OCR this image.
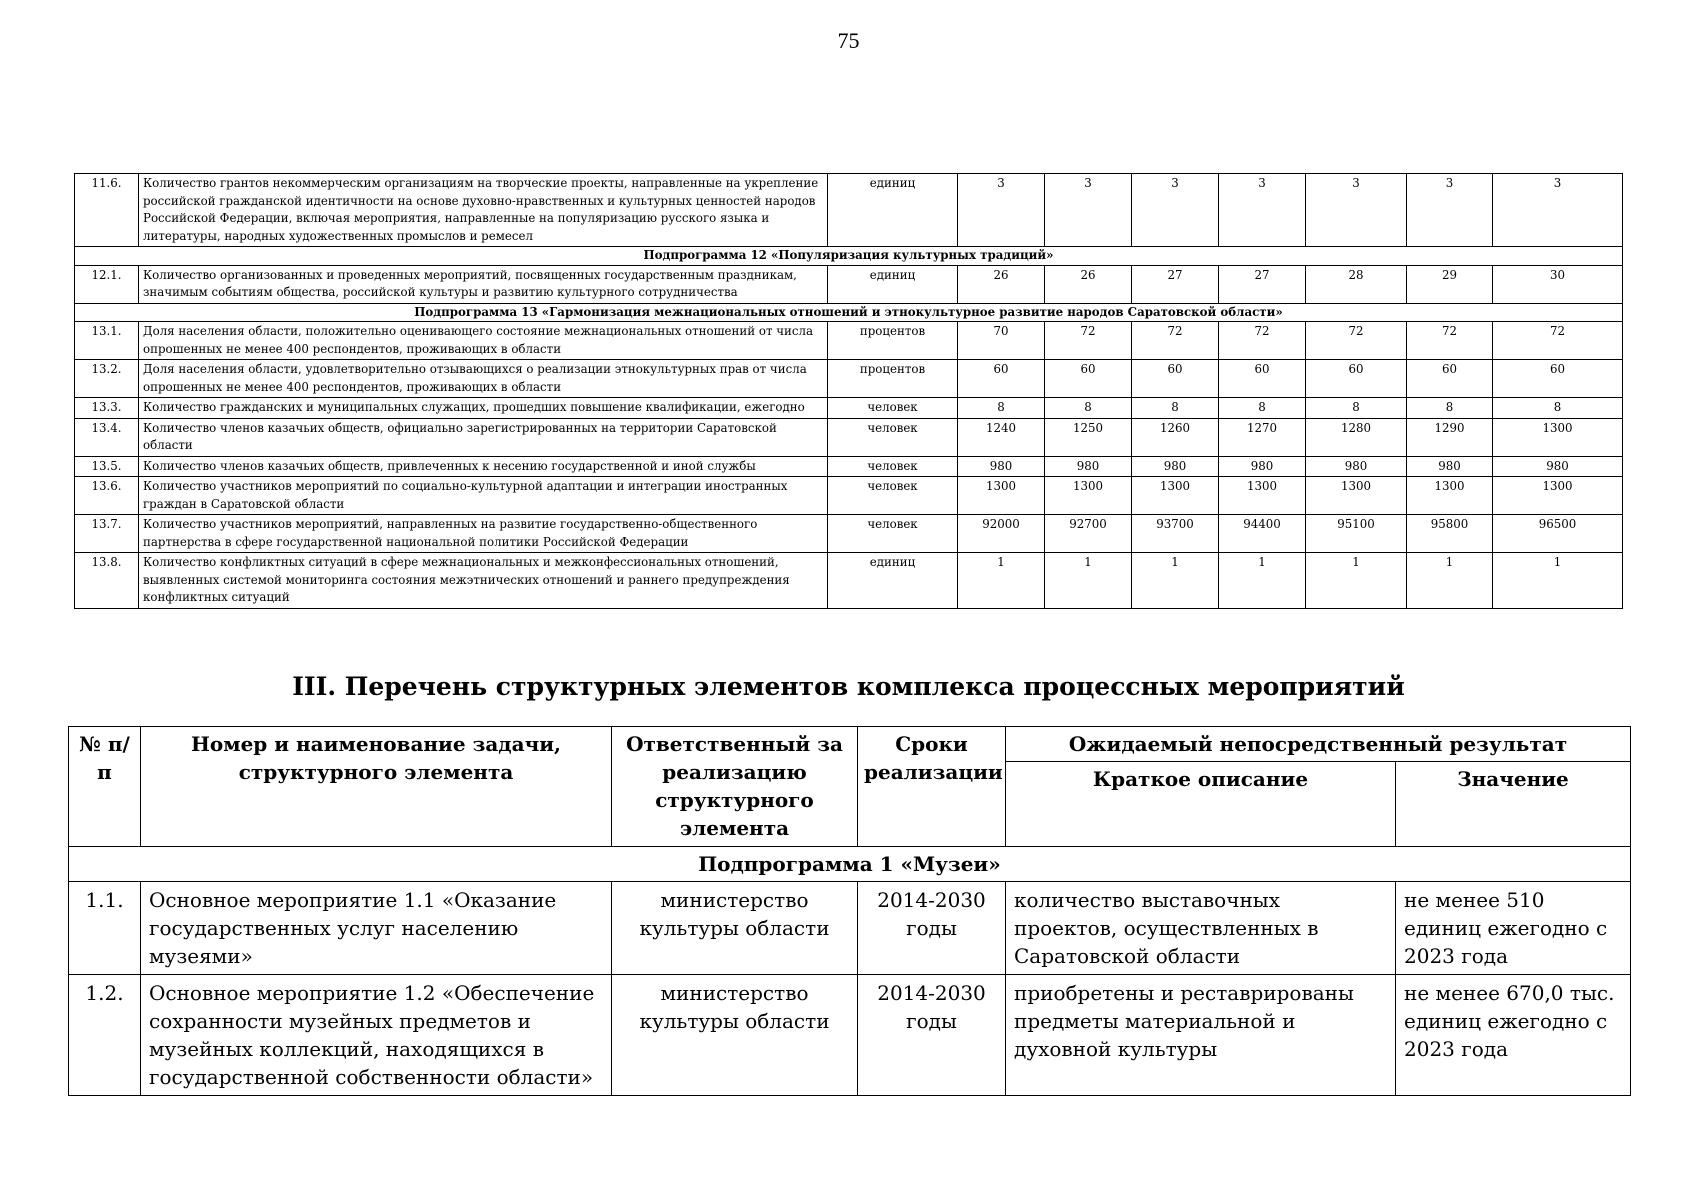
75
11.6.	Количество грантов некоммерческим организациям на творческие проекты, направленные на укрепление российской гражданской идентичности на основе духовно-нравственных и культурных ценностей народов Российской Федерации, включая мероприятия, направленные на популяризацию русского языка и литературы, народных художественных промыслов и ремесел	единиц	3	3	3	3	3	3	3
Подпрограмма 12 «Популяризация культурных традиций»									
12.1.	Количество организованных и проведенных мероприятий, посвященных государственным праздникам, значимым событиям общества, российской культуры и развитию культурного сотрудничества	единиц	26	26	27	27	28	29	30
Подпрограмма 13 «Гармонизация межнациональных отношений и этнокультурное развитие народов Саратовской области»									
13.1.	Доля населения области, положительно оценивающего состояние межнациональных отношений от числа опрошенных не менее 400 респондентов, проживающих в области	процентов	70	72	72	72	72	72	72
13.2.	Доля населения области, удовлетворительно отзывающихся о реализации этнокультурных прав от числа опрошенных не менее 400 респондентов, проживающих в области	процентов	60	60	60	60	60	60	60
13.3.	Количество гражданских и муниципальных служащих, прошедших повышение квалификации, ежегодно	человек	8	8	8	8	8	8	8
13.4.	Количество членов казачьих обществ, официально зарегистрированных на территории Саратовской области	человек	1240	1250	1260	1270	1280	1290	1300
13.5.	Количество членов казачьих обществ, привлеченных к несению государственной и иной службы	человек	980	980	980	980	980	980	980
13.6.	Количество участников мероприятий по социально-культурной адаптации и интеграции иностранных граждан в Саратовской области	человек	1300	1300	1300	1300	1300	1300	1300
13.7.	Количество участников мероприятий, направленных на развитие государственно-общественного партнерства в сфере государственной национальной политики Российской Федерации	человек	92000	92700	93700	94400	95100	95800	96500
13.8.	Количество конфликтных ситуаций в сфере межнациональных и межконфессиональных отношений, выявленных системой мониторинга состояния межэтнических отношений и раннего предупреждения конфликтных ситуаций	единиц	1	1	1	1	1	1	1
III. Перечень структурных элементов комплекса процессных мероприятий
№ п/п	Номер и наименование задачи, структурного элемента	Ответственный за реализацию структурного элемента	Сроки реализации	Ожидаемый непосредственный результат	
				Краткое описание	Значение
Подпрограмма 1 «Музеи»					
1.1.	Основное мероприятие 1.1 «Оказание государственных услуг населению музеями»	министерство культуры области	2014-2030 годы	количество выставочных проектов, осуществленных в Саратовской области	не менее 510 единиц ежегодно с 2023 года
1.2.	Основное мероприятие 1.2 «Обеспечение сохранности музейных предметов и музейных коллекций, находящихся в государственной собственности области»	министерство культуры области	2014-2030 годы	приобретены и реставрированы предметы материальной и духовной культуры	не менее 670,0 тыс. единиц ежегодно с 2023 года
